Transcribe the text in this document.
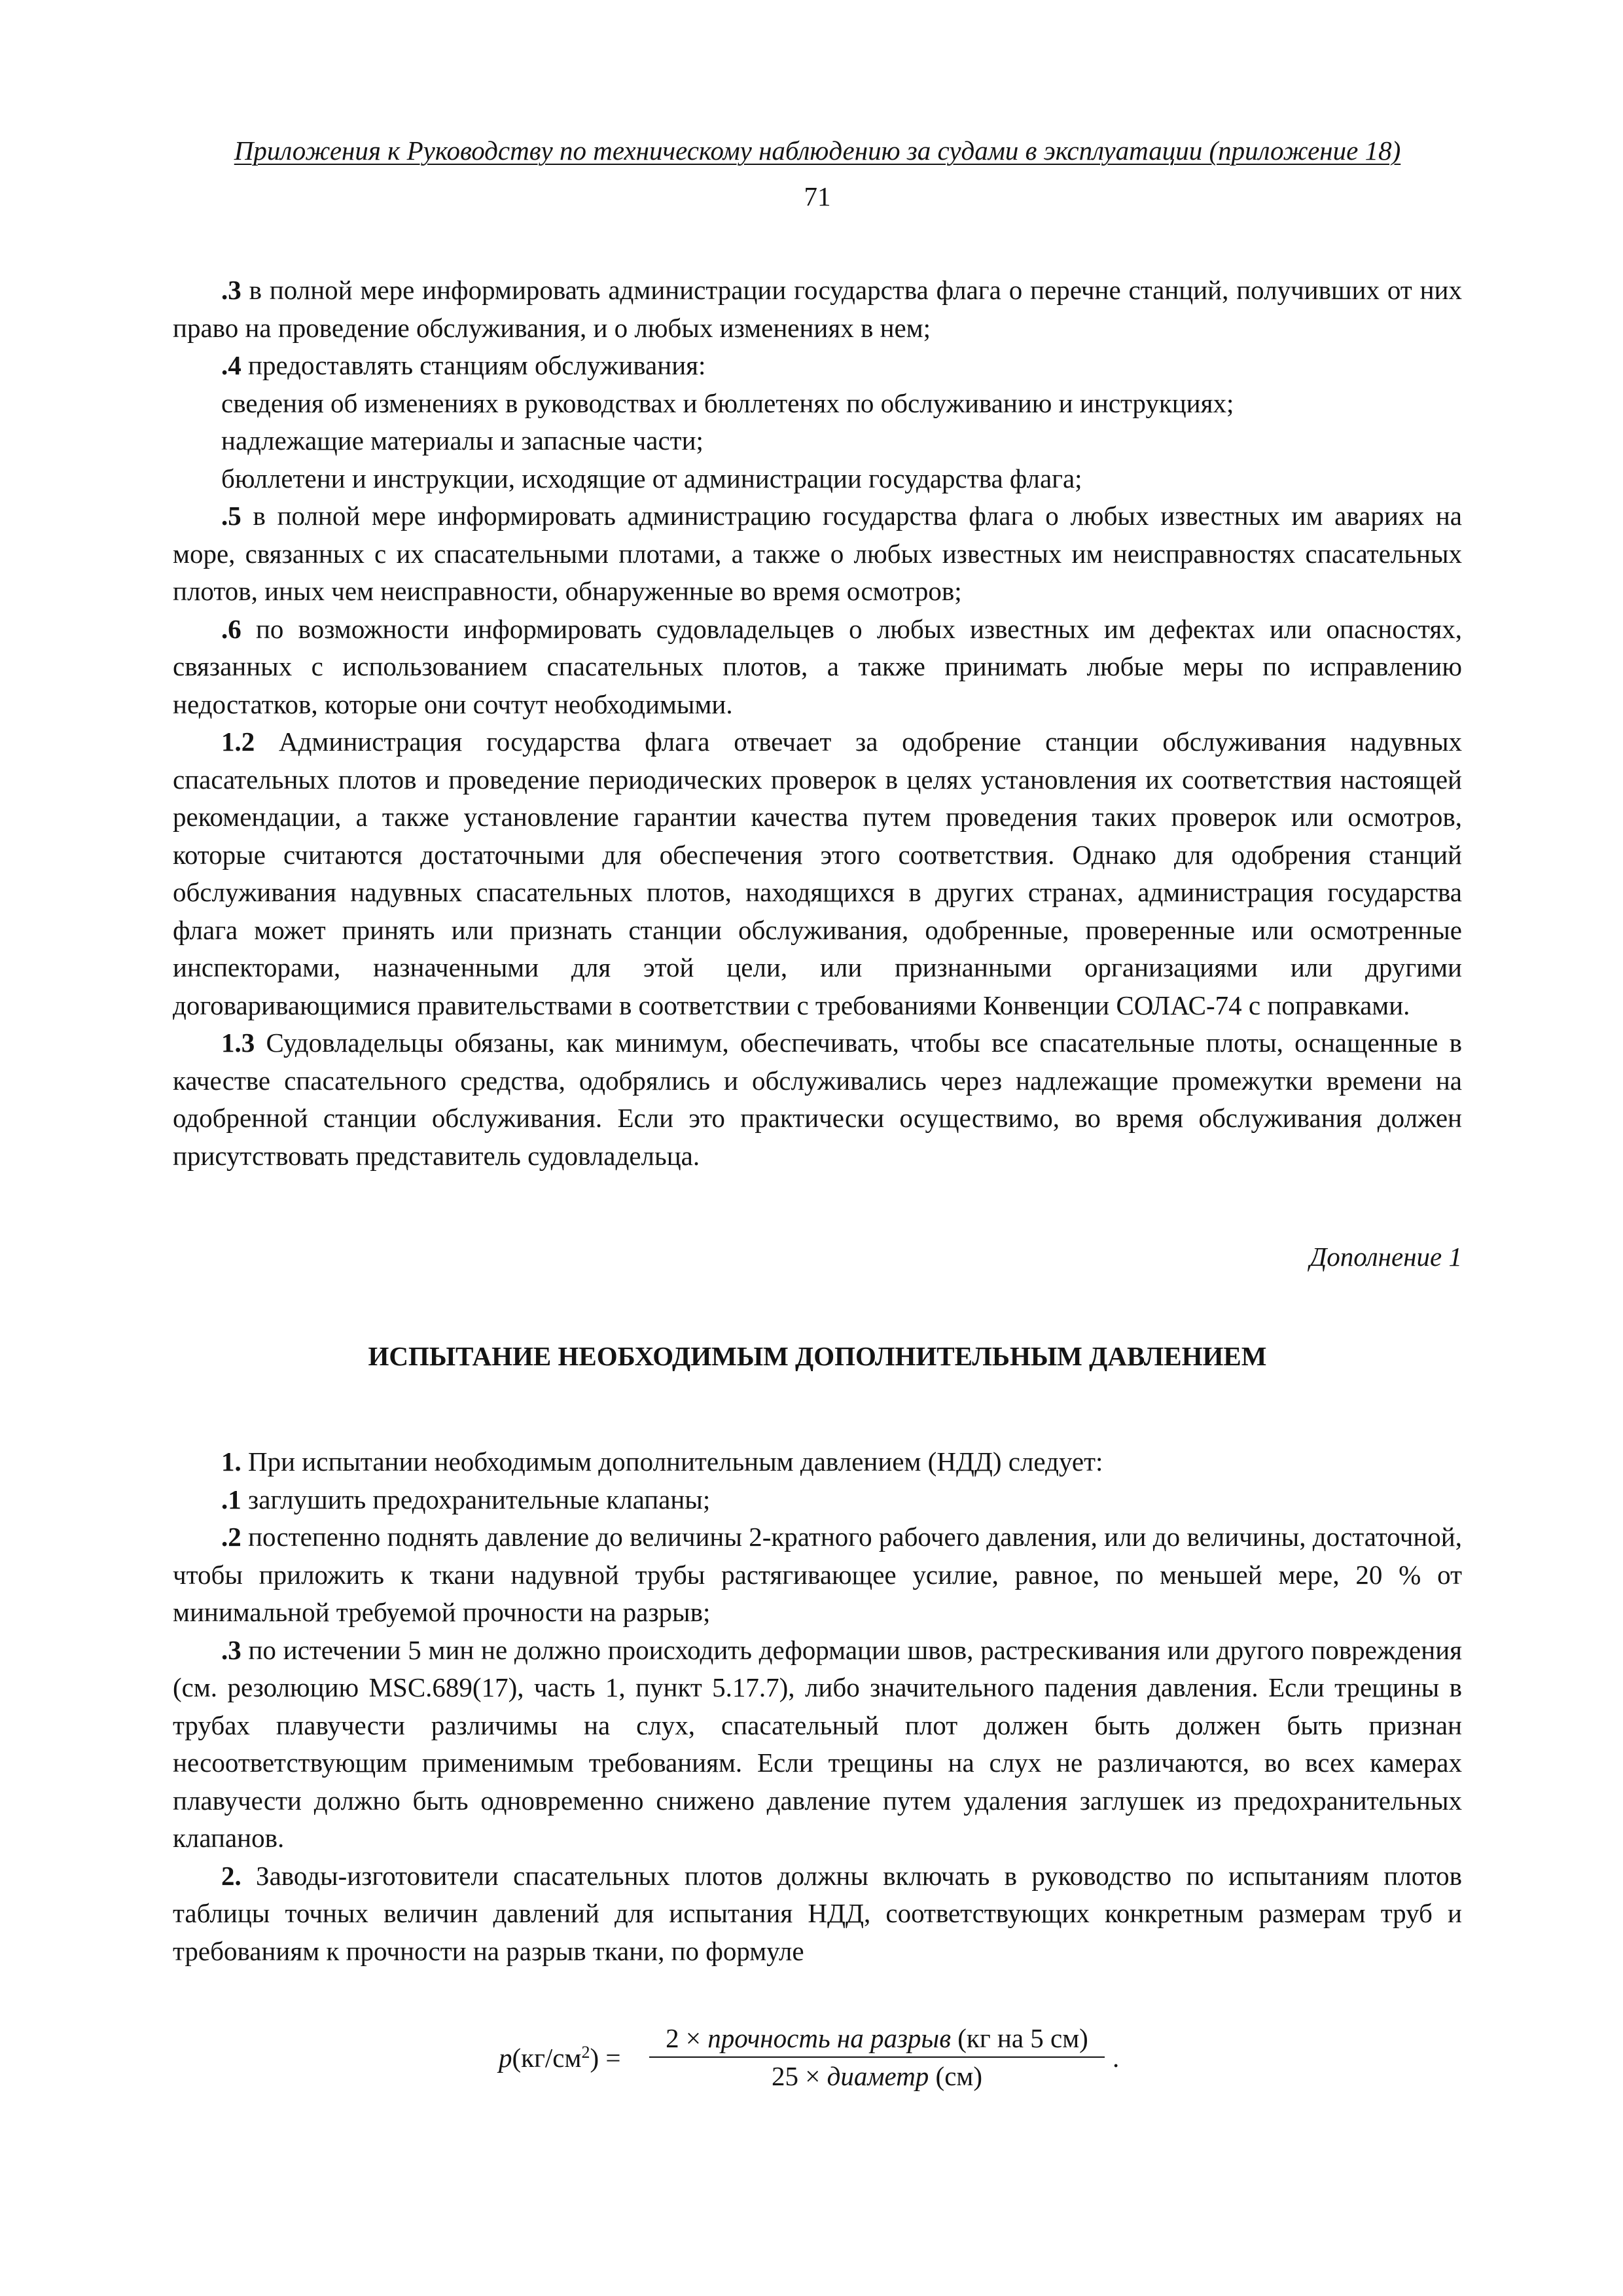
Приложения к Руководству по техническому наблюдению за судами в эксплуатации (приложение 18)
71

.3 в полной мере информировать администрации государства флага о перечне станций, получивших от них право на проведение обслуживания, и о любых изменениях в нем;

.4 предоставлять станциям обслуживания:

сведения об изменениях в руководствах и бюллетенях по обслуживанию и инструкциях;

надлежащие материалы и запасные части;

бюллетени и инструкции, исходящие от администрации государства флага;

.5 в полной мере информировать администрацию государства флага о любых известных им авариях на море, связанных с их спасательными плотами, а также о любых известных им неисправностях спасательных плотов, иных чем неисправности, обнаруженные во время осмотров;

.6 по возможности информировать судовладельцев о любых известных им дефектах или опасностях, связанных с использованием спасательных плотов, а также принимать любые меры по исправлению недостатков, которые они сочтут необходимыми.

1.2 Администрация государства флага отвечает за одобрение станции обслуживания надувных спасательных плотов и проведение периодических проверок в целях установления их соответствия настоящей рекомендации, а также установление гарантии качества путем проведения таких проверок или осмотров, которые считаются достаточными для обеспечения этого соответствия. Однако для одобрения станций обслуживания надувных спасательных плотов, находящихся в других странах, администрация государства флага может принять или признать станции обслуживания, одобренные, проверенные или осмотренные инспекторами, назначенными для этой цели, или признанными организациями или другими договаривающимися правительствами в соответствии с требованиями Конвенции СОЛАС-74 с поправками.

1.3 Судовладельцы обязаны, как минимум, обеспечивать, чтобы все спасательные плоты, оснащенные в качестве спасательного средства, одобрялись и обслуживались через надлежащие промежутки времени на одобренной станции обслуживания. Если это практически осуществимо, во время обслуживания должен присутствовать представитель судовладельца.

Дополнение 1
ИСПЫТАНИЕ НЕОБХОДИМЫМ ДОПОЛНИТЕЛЬНЫМ ДАВЛЕНИЕМ

1. При испытании необходимым дополнительным давлением (НДД) следует:

.1 заглушить предохранительные клапаны;

.2 постепенно поднять давление до величины 2-кратного рабочего давления, или до величины, достаточной, чтобы приложить к ткани надувной трубы растягивающее усилие, равное, по меньшей мере, 20 % от минимальной требуемой прочности на разрыв;

.3 по истечении 5 мин не должно происходить деформации швов, растрескивания или другого повреждения (см. резолюцию MSC.689(17), часть 1, пункт 5.17.7), либо значительного падения давления. Если трещины в трубах плавучести различимы на слух, спасательный плот должен быть должен быть признан несоответствующим применимым требованиям. Если трещины на слух не различаются, во всех камерах плавучести должно быть одновременно снижено давление путем удаления заглушек из предохранительных клапанов.

2. Заводы-изготовители спасательных плотов должны включать в руководство по испытаниям плотов таблицы точных величин давлений для испытания НДД, соответствующих конкретным размерам труб и требованиям к прочности на разрыв ткани, по формуле

$p(кг/см^2)$ =
2 × прочность на разрыв (кг на 5 см)
25 × диаметр (см)
.
